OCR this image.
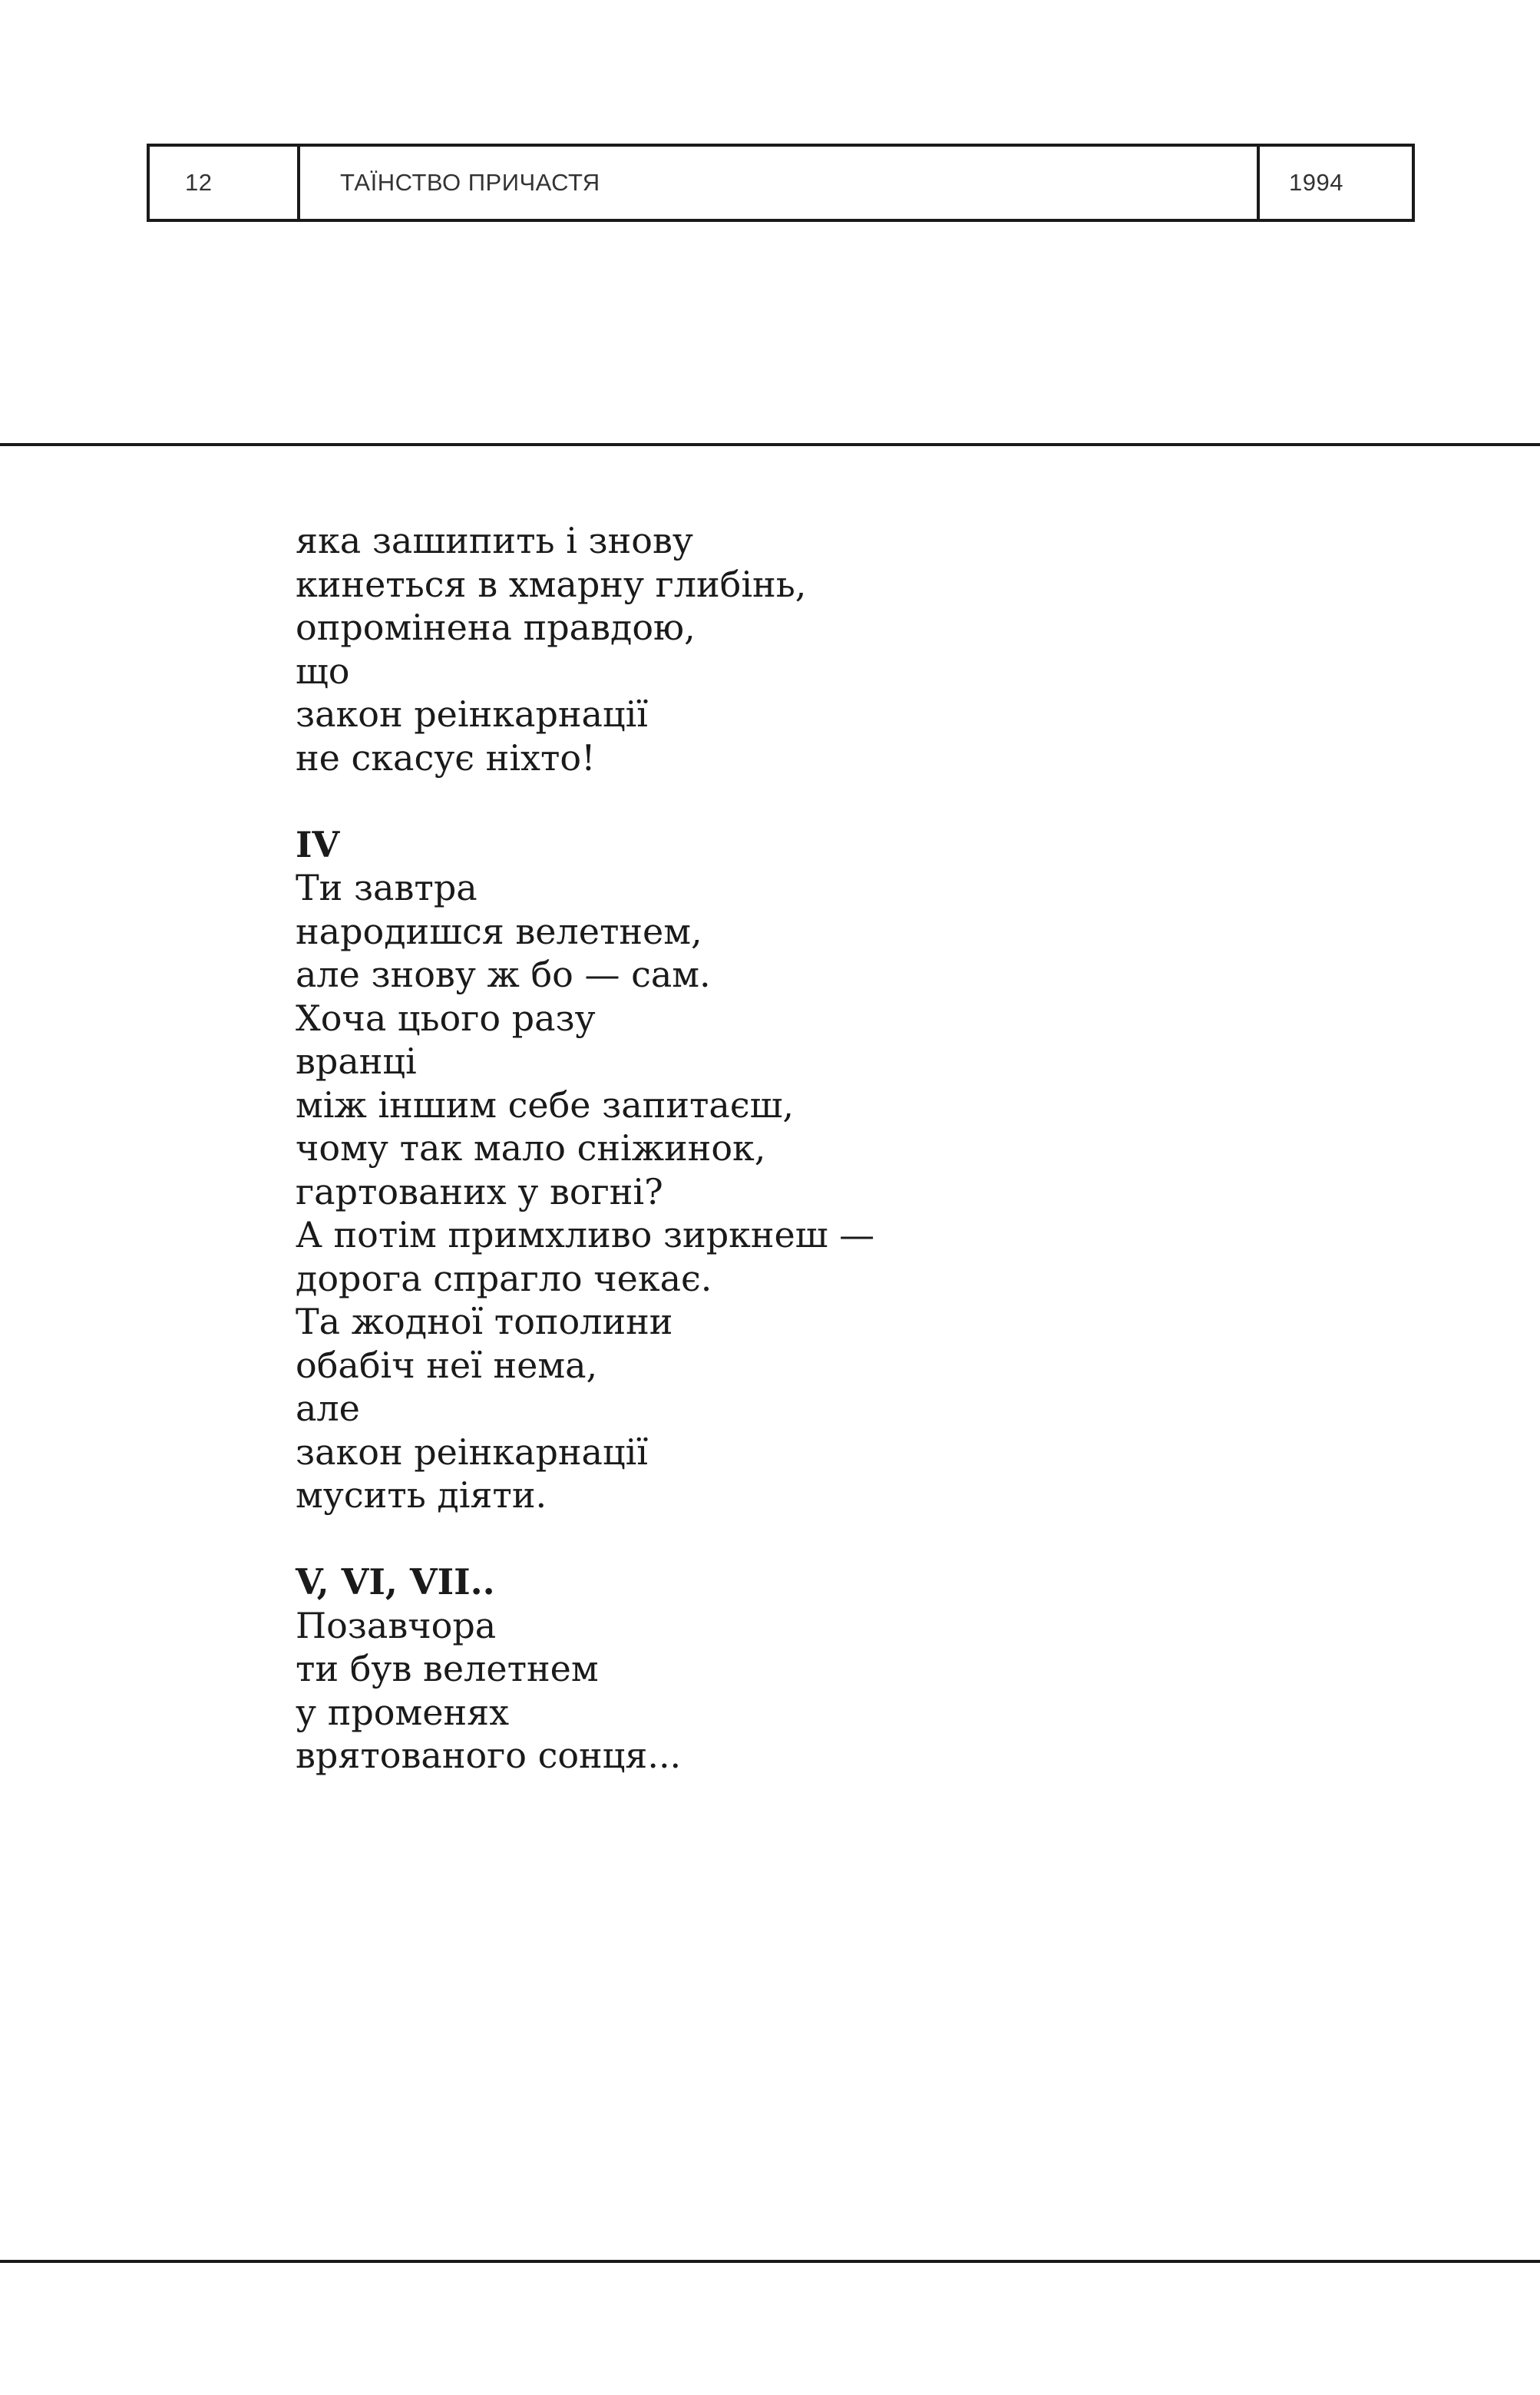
12	ТАЇНСТВО ПРИЧАСТЯ	1994
яка зашипить і знову
кинеться в хмарну глибінь,
опромінена правдою,
що
закон реінкарнації
не скасує ніхто!
IV
Ти завтра
народишся велетнем,
але знову ж бо — сам.
Хоча цього разу
вранці
між іншим себе запитаєш,
чому так мало сніжинок,
гартованих у вогні?
А потім примхливо зиркнеш —
дорога спрагло чекає.
Та жодної тополини
обабіч неї нема,
але
закон реінкарнації
мусить діяти.
V, VI, VII..
Позавчора
ти був велетнем
у променях
врятованого сонця...
